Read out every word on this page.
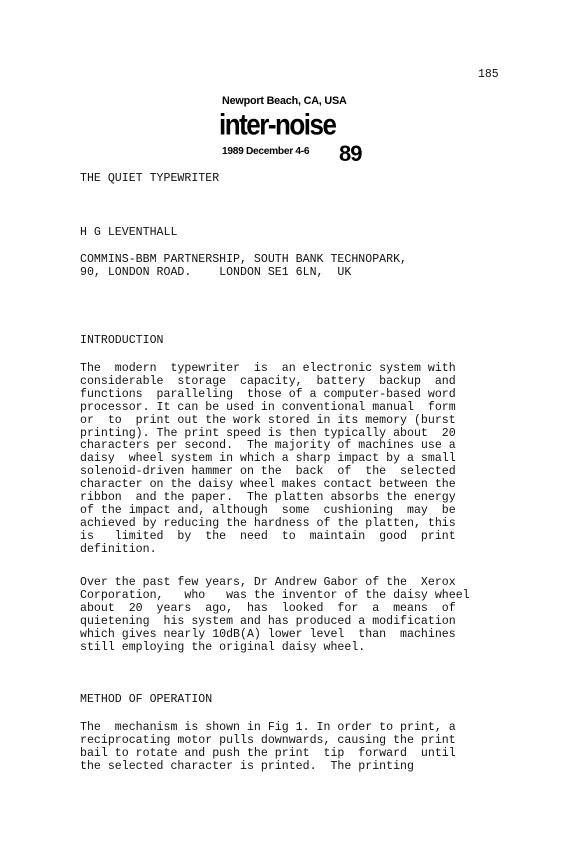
185
Newport Beach, CA, USA
inter-noise
1989 December 4-6 89
THE QUIET TYPEWRITER
H G LEVENTHALL
COMMINS-BBM PARTNERSHIP, SOUTH BANK TECHNOPARK,
90, LONDON ROAD.    LONDON SE1 6LN,  UK
INTRODUCTION
The  modern  typewriter  is  an electronic system with
considerable  storage  capacity,  battery  backup  and
functions  paralleling  those of a computer-based word
processor. It can be used in conventional manual  form
or  to  print out the work stored in its memory (burst
printing). The print speed is then typically about  20
characters per second.  The majority of machines use a
daisy  wheel system in which a sharp impact by a small
solenoid-driven hammer on the  back  of  the  selected
character on the daisy wheel makes contact between the
ribbon  and the paper.  The platten absorbs the energy
of the impact and, although  some  cushioning  may  be
achieved by reducing the hardness of the platten, this
is   limited  by  the  need  to  maintain  good  print
definition.
Over the past few years, Dr Andrew Gabor of the  Xerox
Corporation,   who   was the inventor of the daisy wheel
about  20  years  ago,  has  looked  for  a  means  of
quietening  his system and has produced a modification
which gives nearly 10dB(A) lower level  than  machines
still employing the original daisy wheel.
METHOD OF OPERATION
The  mechanism is shown in Fig 1. In order to print, a
reciprocating motor pulls downwards, causing the print
bail to rotate and push the print  tip  forward  until
the selected character is printed.  The printing
